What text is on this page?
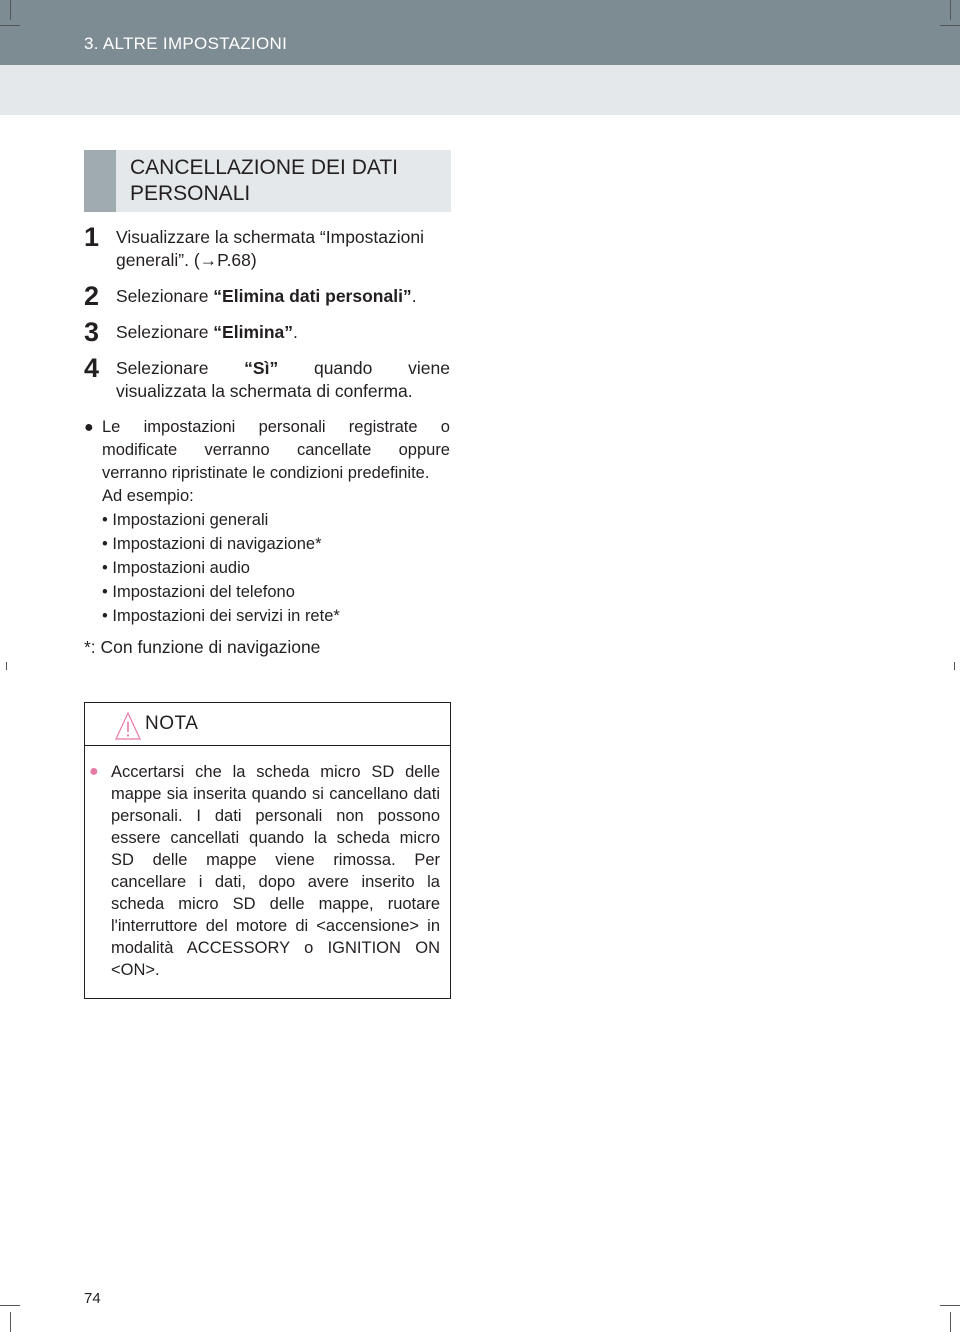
3. ALTRE IMPOSTAZIONI
CANCELLAZIONE DEI DATI PERSONALI
1 Visualizzare la schermata “Impostazioni generali”. (→P.68)
2 Selezionare “Elimina dati personali”.
3 Selezionare “Elimina”.
4 Selezionare “Sì” quando viene
visualizzata la schermata di conferma.
● Le impostazioni personali registrate o modificate verranno cancellate oppure verranno ripristinate le condizioni predefinite.
Ad esempio:
• Impostazioni generali
• Impostazioni di navigazione*
• Impostazioni audio
• Impostazioni del telefono
• Impostazioni dei servizi in rete*
*: Con funzione di navigazione
NOTA
● Accertarsi che la scheda micro SD delle mappe sia inserita quando si cancellano dati personali. I dati personali non possono essere cancellati quando la scheda micro SD delle mappe viene rimossa. Per cancellare i dati, dopo avere inserito la scheda micro SD delle mappe, ruotare l'interruttore del motore di <accensione> in modalità ACCESSORY o IGNITION ON <ON>.
74
